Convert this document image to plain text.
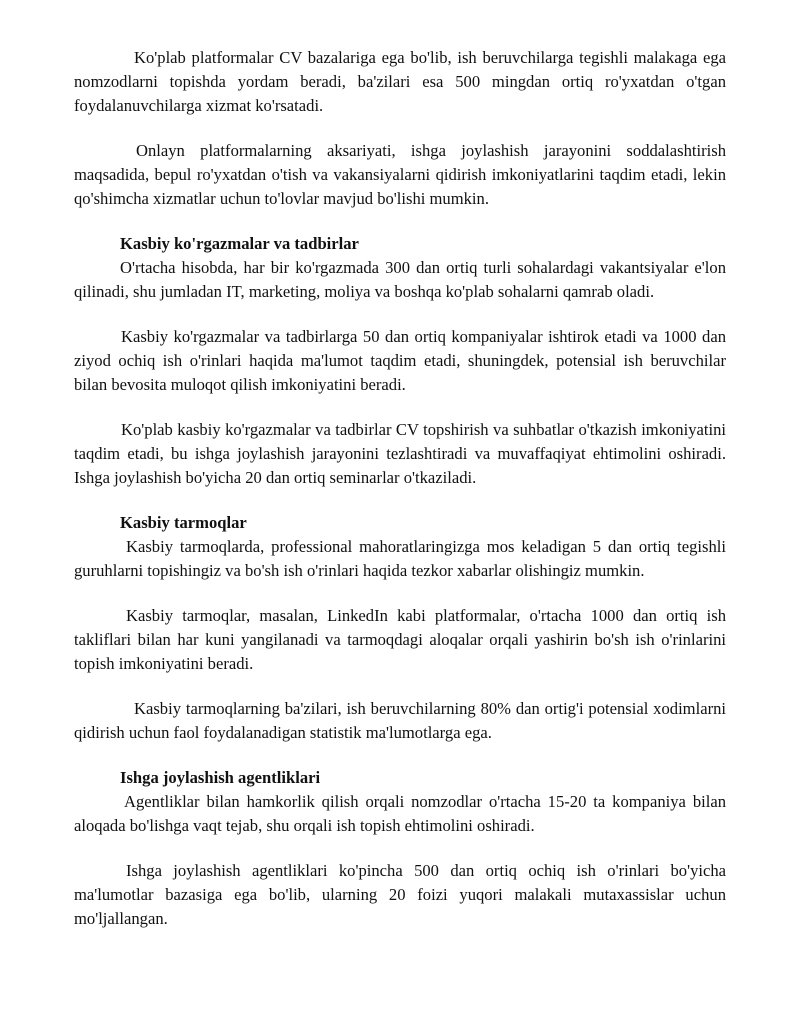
Ko'plab platformalar CV bazalariga ega bo'lib, ish beruvchilarga tegishli malakaga ega nomzodlarni topishda yordam beradi, ba'zilari esa 500 mingdan ortiq ro'yxatdan o'tgan foydalanuvchilarga xizmat ko'rsatadi.

Onlayn platformalarning aksariyati, ishga joylashish jarayonini soddalashtirish maqsadida, bepul ro'yxatdan o'tish va vakansiyalarni qidirish imkoniyatlarini taqdim etadi, lekin qo'shimcha xizmatlar uchun to'lovlar mavjud bo'lishi mumkin.

Kasbiy ko'rgazmalar va tadbirlar

O'rtacha hisobda, har bir ko'rgazmada 300 dan ortiq turli sohalardagi vakantsiyalar e'lon qilinadi, shu jumladan IT, marketing, moliya va boshqa ko'plab sohalarni qamrab oladi.

Kasbiy ko'rgazmalar va tadbirlarga 50 dan ortiq kompaniyalar ishtirok etadi va 1000 dan ziyod ochiq ish o'rinlari haqida ma'lumot taqdim etadi, shuningdek, potensial ish beruvchilar bilan bevosita muloqot qilish imkoniyatini beradi.

Ko'plab kasbiy ko'rgazmalar va tadbirlar CV topshirish va suhbatlar o'tkazish imkoniyatini taqdim etadi, bu ishga joylashish jarayonini tezlashtiradi va muvaffaqiyat ehtimolini oshiradi. Ishga joylashish bo'yicha 20 dan ortiq seminarlar o'tkaziladi.

Kasbiy tarmoqlar

Kasbiy tarmoqlarda, professional mahoratlaringizga mos keladigan 5 dan ortiq tegishli guruhlarni topishingiz va bo'sh ish o'rinlari haqida tezkor xabarlar olishingiz mumkin.

Kasbiy tarmoqlar, masalan, LinkedIn kabi platformalar, o'rtacha 1000 dan ortiq ish takliflari bilan har kuni yangilanadi va tarmoqdagi aloqalar orqali yashirin bo'sh ish o'rinlarini topish imkoniyatini beradi.

Kasbiy tarmoqlarning ba'zilari, ish beruvchilarning 80% dan ortig'i potensial xodimlarni qidirish uchun faol foydalanadigan statistik ma'lumotlarga ega.

Ishga joylashish agentliklari

Agentliklar bilan hamkorlik qilish orqali nomzodlar o'rtacha 15-20 ta kompaniya bilan aloqada bo'lishga vaqt tejab, shu orqali ish topish ehtimolini oshiradi.

Ishga joylashish agentliklari ko'pincha 500 dan ortiq ochiq ish o'rinlari bo'yicha ma'lumotlar bazasiga ega bo'lib, ularning 20 foizi yuqori malakali mutaxassislar uchun mo'ljallangan.
